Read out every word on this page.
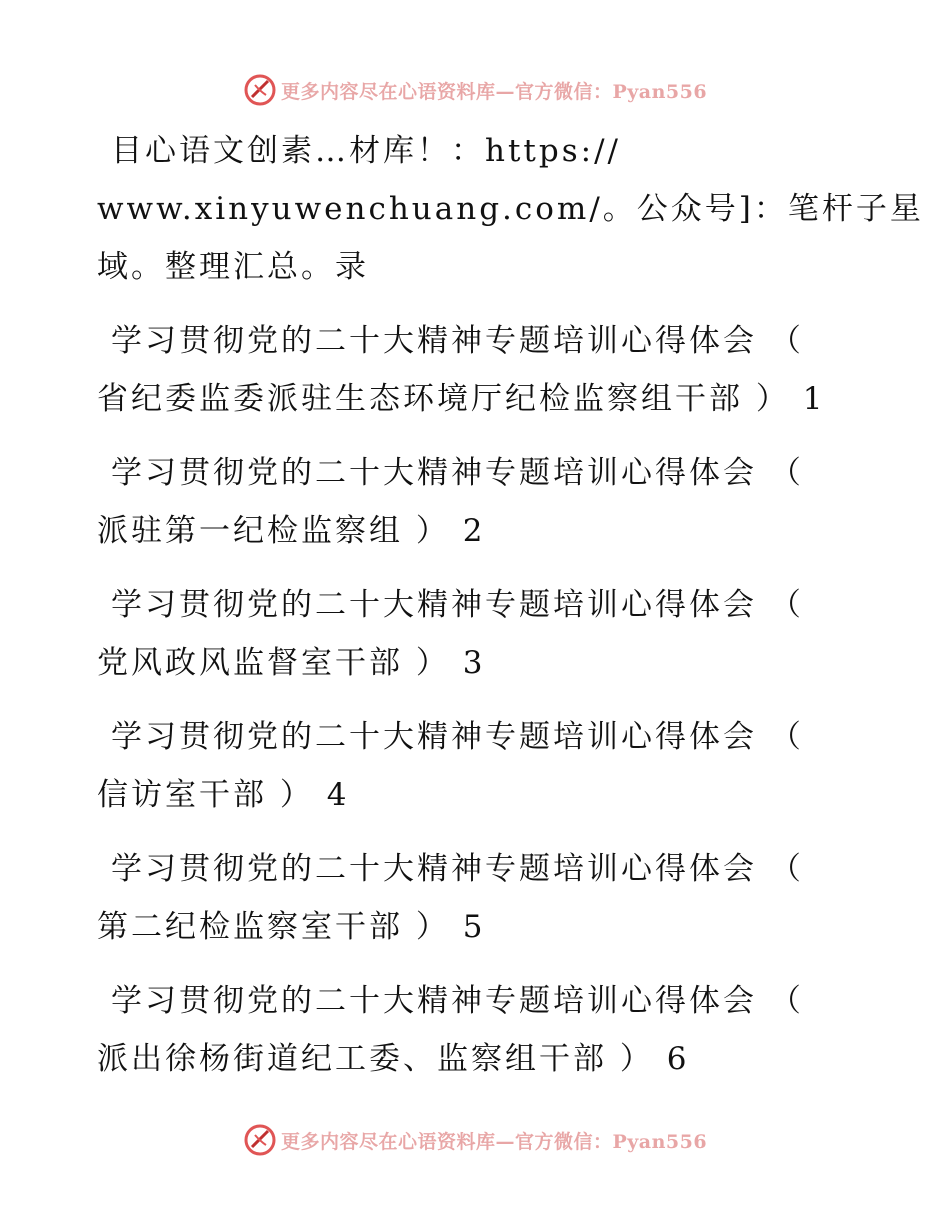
更多内容尽在心语资料库—官方微信：Pyan556
目心语文创素…材库！：https://
www.xinyuwenchuang.com/。公众号]：笔杆子星
域。整理汇总。录
学习贯彻党的二十大精神专题培训心得体会 （
省纪委监委派驻生态环境厅纪检监察组干部 ） 1
学习贯彻党的二十大精神专题培训心得体会 （
派驻第一纪检监察组 ） 2
学习贯彻党的二十大精神专题培训心得体会 （
党风政风监督室干部 ） 3
学习贯彻党的二十大精神专题培训心得体会 （
信访室干部 ） 4
学习贯彻党的二十大精神专题培训心得体会 （
第二纪检监察室干部 ） 5
学习贯彻党的二十大精神专题培训心得体会 （
派出徐杨街道纪工委、监察组干部 ） 6
更多内容尽在心语资料库—官方微信：Pyan556
